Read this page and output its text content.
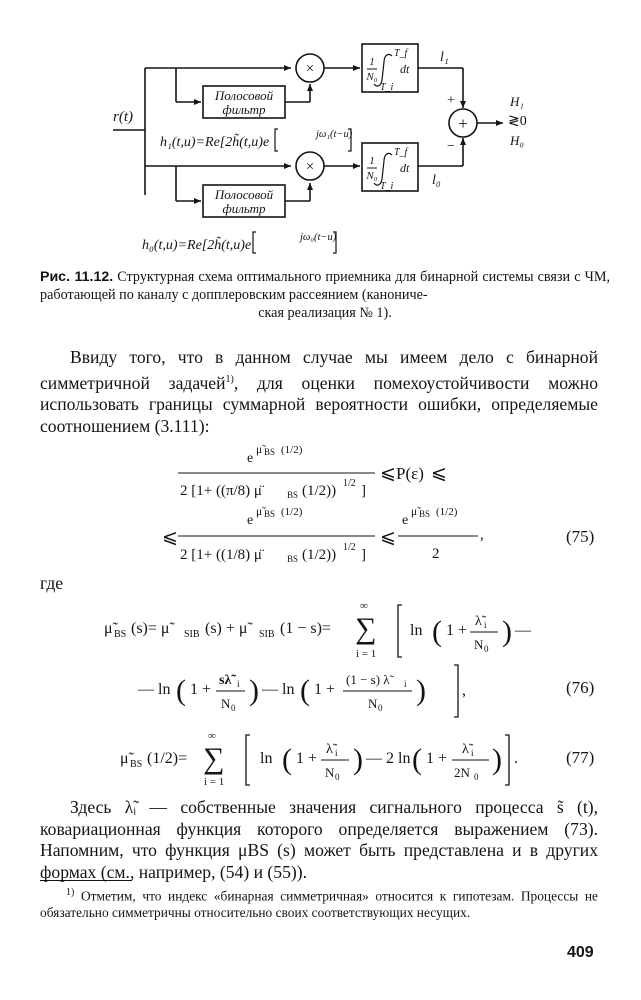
r(t)
Полосовой
фильтр
Полосовой
фильтр
×
×
+
1
N₀
T_f
T_i
dt
1
N₀
T_f
T_i
dt
l₁
l₀
+
−
H₁
≷0
H₀
h₁(t,u)=Re[2h̃(t,u)e
jω₁(t−u)
h₀(t,u)=Re[2h̃(t,u)e
jω₀(t−u)
Рис. 11.12. Структурная схема оптимального приемника для бинарной системы связи с ЧМ, работающей по каналу с допплеровским рассеянием (канониче-
ская реализация № 1).
Ввиду того, что в данном случае мы имеем дело с бинарной симметричной задачей$^{1)}$, для оценки помехоустойчивости можно использовать границы суммарной вероятности ошибки, определяемые соотношением (3.111):
e
μ̃ BS (1/2)
2 [1+ ((π/8) μ̈	BS (1/2)) 1/2 ]
⩽ P(ε) ⩽
⩽
e
μ̃ BS (1/2)
2 [1+ ((1/8) μ̈	BS (1/2)) 1/2 ]
⩽
e
μ̃ BS (1/2)
2
,	(75)
где
μ̃ BS (s)= μ̃	SIB (s) + μ̃	SIB (1 − s)= ∑
∞
i = 1
ln ( 1 +
λ̃ i
N 0
) —
— ln ( 1 +
sλ̃ i
N 0
) — ln ( 1 +
(1 − s) λ̃	i
N 0
) ,	(76)
μ̃ BS (1/2)= ∑
∞
i = 1
ln ( 1 +
λ̃ i
N 0
) — 2 ln ( 1 +
λ̃ i
2N 0
) .	(77)
Здесь λ̃ᵢ — собственные значения сигнального процесса s̃ (t), ковариационная функция которого определяется выражением (73). Напомним, что функция μBS (s) может быть представлена и в других формах (см., например, (54) и (55)).
$^{1)}$ Отметим, что индекс «бинарная симметричная» относится к гипотезам. Процессы не обязательно симметричны относительно своих соответствующих несущих.
409
